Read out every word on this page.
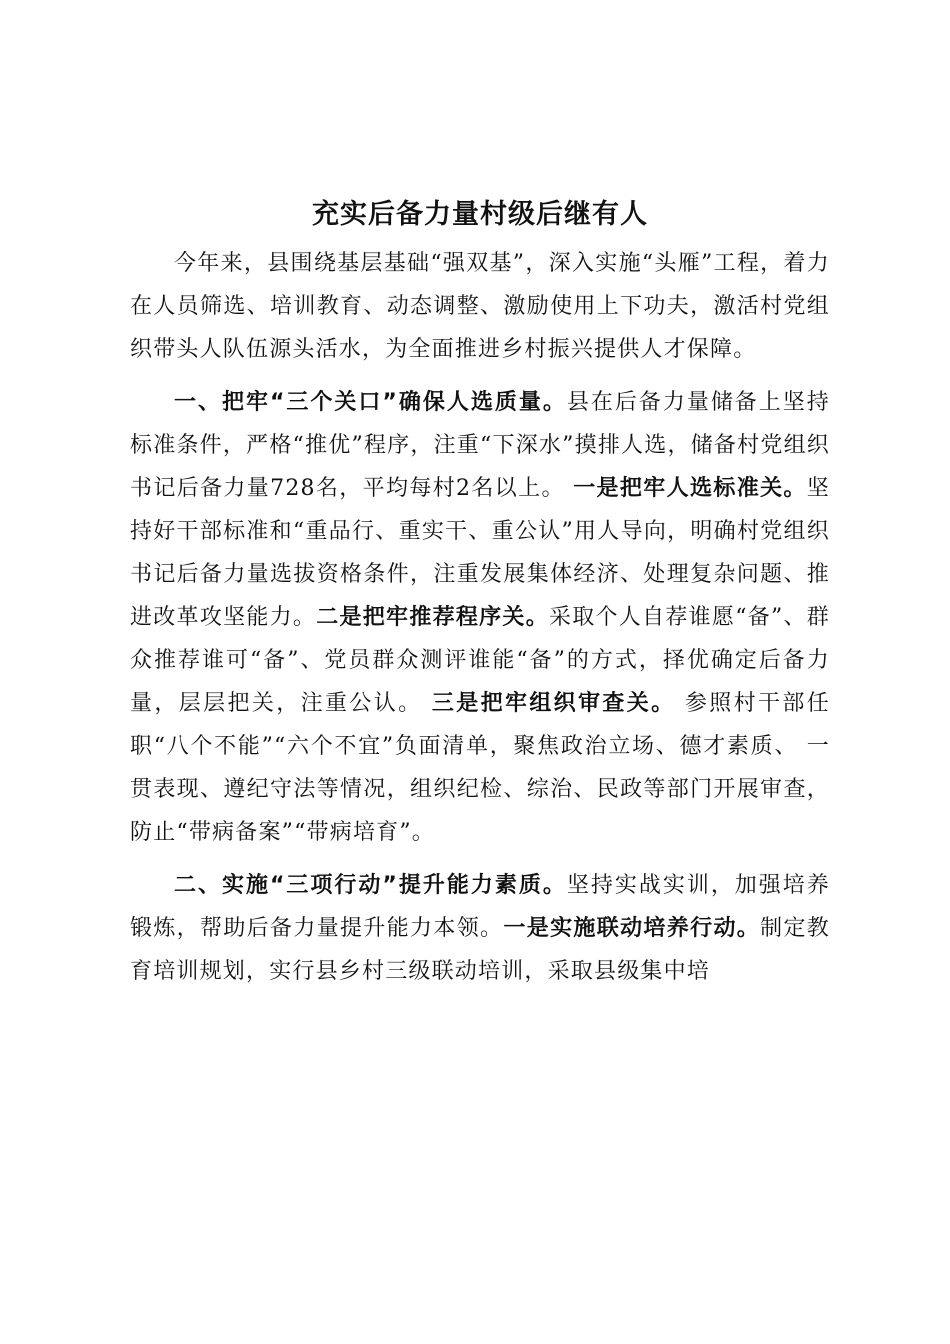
充实后备力量村级后继有人

今年来，县围绕基层基础“强双基”，深入实施“头雁”工程，着力在人员筛选、培训教育、动态调整、激励使用上下功夫，激活村党组织带头人队伍源头活水，为全面推进乡村振兴提供人才保障。

一、把牢“三个关口”确保人选质量。县在后备力量储备上坚持标准条件，严格“推优”程序，注重“下深水”摸排人选，储备村党组织书记后备力量728名，平均每村2名以上。 一是把牢人选标准关。坚持好干部标准和“重品行、重实干、重公认”用人导向，明确村党组织书记后备力量选拔资格条件，注重发展集体经济、处理复杂问题、推进改革攻坚能力。二是把牢推荐程序关。采取个人自荐谁愿“备”、群众推荐谁可“备”、党员群众测评谁能“备”的方式，择优确定后备力量，层层把关，注重公认。 三是把牢组织审查关。 参照村干部任职“八个不能”“六个不宜”负面清单，聚焦政治立场、德才素质、 一贯表现、遵纪守法等情况，组织纪检、综治、民政等部门开展审查，防止“带病备案”“带病培育”。

二、实施“三项行动”提升能力素质。坚持实战实训，加强培养锻炼，帮助后备力量提升能力本领。一是实施联动培养行动。制定教育培训规划，实行县乡村三级联动培训，采取县级集中培
